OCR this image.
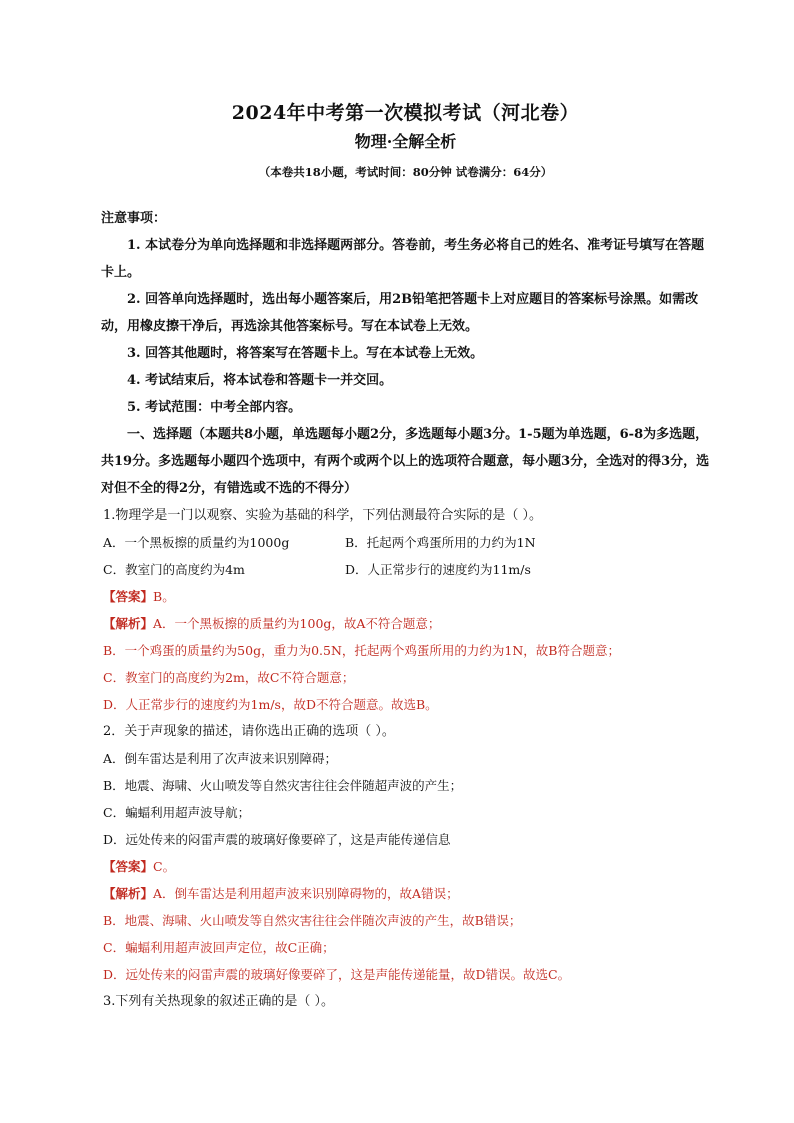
2024年中考第一次模拟考试（河北卷）
物理·全解全析
（本卷共18小题，考试时间：80分钟 试卷满分：64分）
注意事项：

1. 本试卷分为单向选择题和非选择题两部分。答卷前，考生务必将自己的姓名、准考证号填写在答题卡上。

2. 回答单向选择题时，选出每小题答案后，用2B铅笔把答题卡上对应题目的答案标号涂黑。如需改动，用橡皮擦干净后，再选涂其他答案标号。写在本试卷上无效。

3. 回答其他题时，将答案写在答题卡上。写在本试卷上无效。

4. 考试结束后，将本试卷和答题卡一并交回。

5. 考试范围：中考全部内容。

一、选择题（本题共8小题，单选题每小题2分，多选题每小题3分。1-5题为单选题，6-8为多选题，共19分。多选题每小题四个选项中，有两个或两个以上的选项符合题意，每小题3分，全选对的得3分，选对但不全的得2分，有错选或不选的不得分）

1.物理学是一门以观察、实验为基础的科学，下列估测最符合实际的是（ ）。

A．一个黑板擦的质量约为1000g	B．托起两个鸡蛋所用的力约为1N
C．教室门的高度约为4m	D．人正常步行的速度约为11m/s

【答案】B。

【解析】A．一个黑板擦的质量约为100g，故A不符合题意；

B．一个鸡蛋的质量约为50g，重力为0.5N，托起两个鸡蛋所用的力约为1N，故B符合题意；

C．教室门的高度约为2m，故C不符合题意；

D．人正常步行的速度约为1m/s，故D不符合题意。故选B。

2．关于声现象的描述，请你选出正确的选项（ ）。

A．倒车雷达是利用了次声波来识别障碍；

B．地震、海啸、火山喷发等自然灾害往往会伴随超声波的产生；

C．蝙蝠利用超声波导航；

D．远处传来的闷雷声震的玻璃好像要碎了，这是声能传递信息

【答案】C。

【解析】A．倒车雷达是利用超声波来识别障碍物的，故A错误；

B．地震、海啸、火山喷发等自然灾害往往会伴随次声波的产生，故B错误；

C．蝙蝠利用超声波回声定位，故C正确；

D．远处传来的闷雷声震的玻璃好像要碎了，这是声能传递能量，故D错误。故选C。

3.下列有关热现象的叙述正确的是（ ）。
